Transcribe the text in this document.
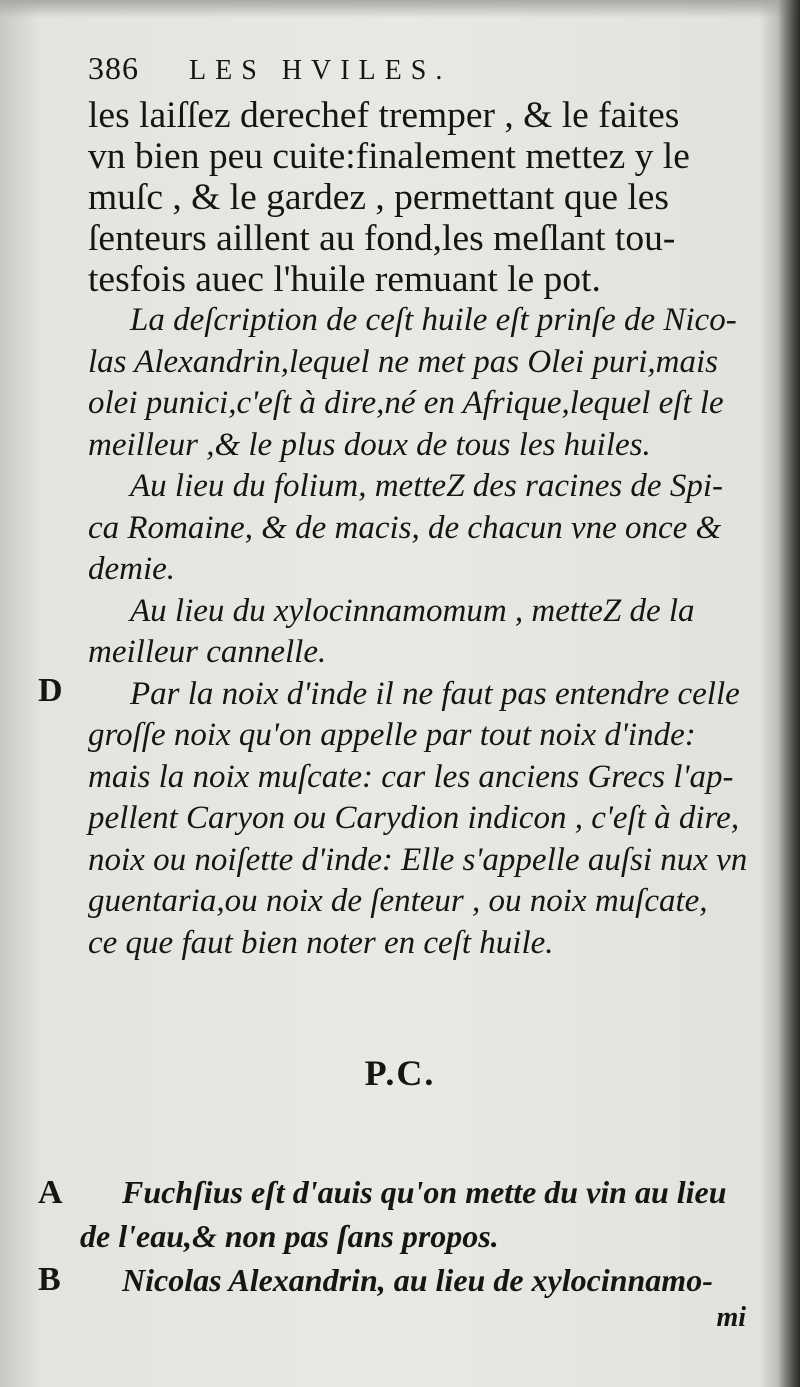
386 LES HVILES.
les laiſſez derechef tremper , & le faites
vn bien peu cuite:finalement mettez y le
muſc , & le gardez , permettant que les
ſenteurs aillent au fond,les meſlant tou-
tesfois auec l'huile remuant le pot.
La deſcription de ceſt huile eſt prinſe de Nico-
las Alexandrin,lequel ne met pas Olei puri,mais
olei punici,c'eſt à dire,né en Afrique,lequel eſt le
meilleur ,& le plus doux de tous les huiles.
Au lieu du folium, metteZ des racines de Spi-
ca Romaine, & de macis, de chacun vne once &
demie.
Au lieu du xylocinnamomum , metteZ de la
meilleur cannelle.
Par la noix d'inde il ne faut pas entendre celle
groſſe noix qu'on appelle par tout noix d'inde:
mais la noix muſcate: car les anciens Grecs l'ap-
pellent Caryon ou Carydion indicon , c'eſt à dire,
noix ou noiſette d'inde: Elle s'appelle auſsi nux vn
guentaria,ou noix de ſenteur , ou noix muſcate,
ce que faut bien noter en ceſt huile.
D
P.C.
A
B
Fuchſius eſt d'auis qu'on mette du vin au lieu
de l'eau,& non pas ſans propos.
Nicolas Alexandrin, au lieu de xylocinnamo-
mi
